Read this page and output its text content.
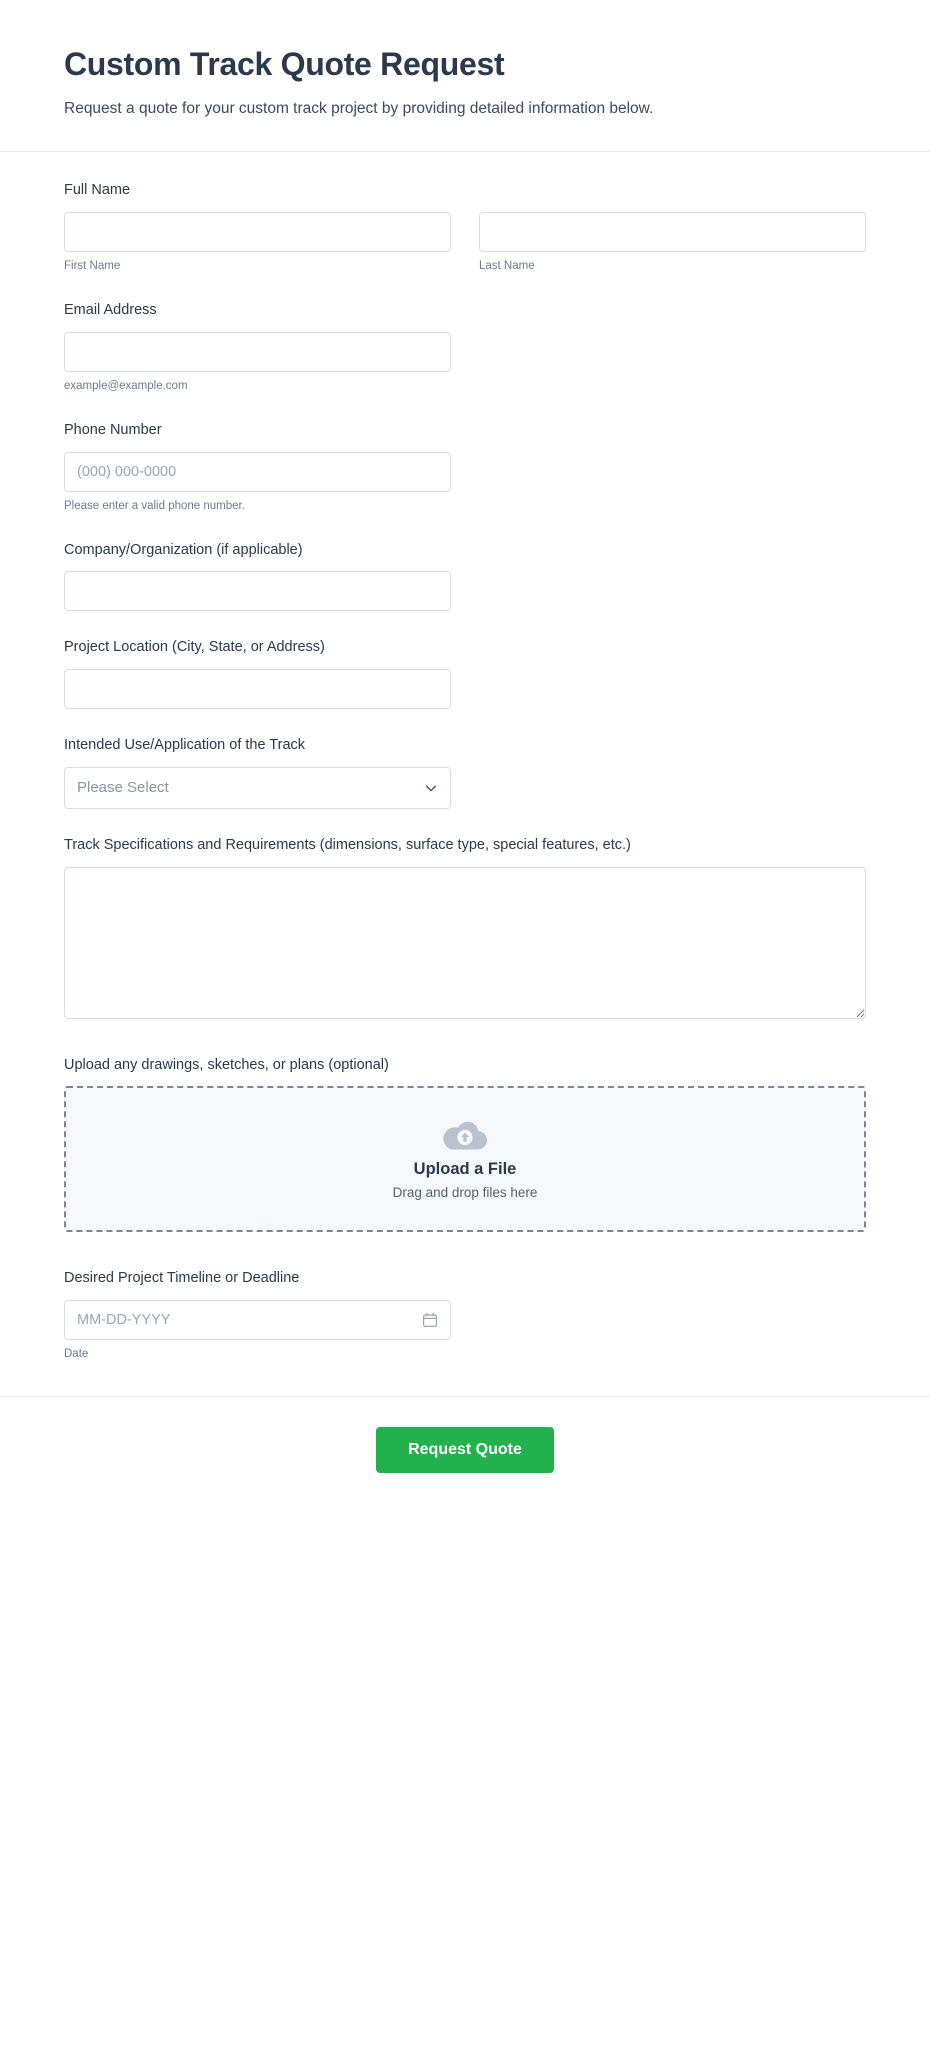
Custom Track Quote Request

Request a quote for your custom track project by providing detailed information below.

Full Name
First Name	Last Name
Email Address
example@example.com
Phone Number
(000) 000-0000
Please enter a valid phone number.
Company/Organization (if applicable)
Project Location (City, State, or Address)
Intended Use/Application of the Track
Please Select
Track Specifications and Requirements (dimensions, surface type, special features, etc.)
Upload any drawings, sketches, or plans (optional)
Upload a File
Drag and drop files here
Desired Project Timeline or Deadline
MM-DD-YYYY
Date
Request Quote
